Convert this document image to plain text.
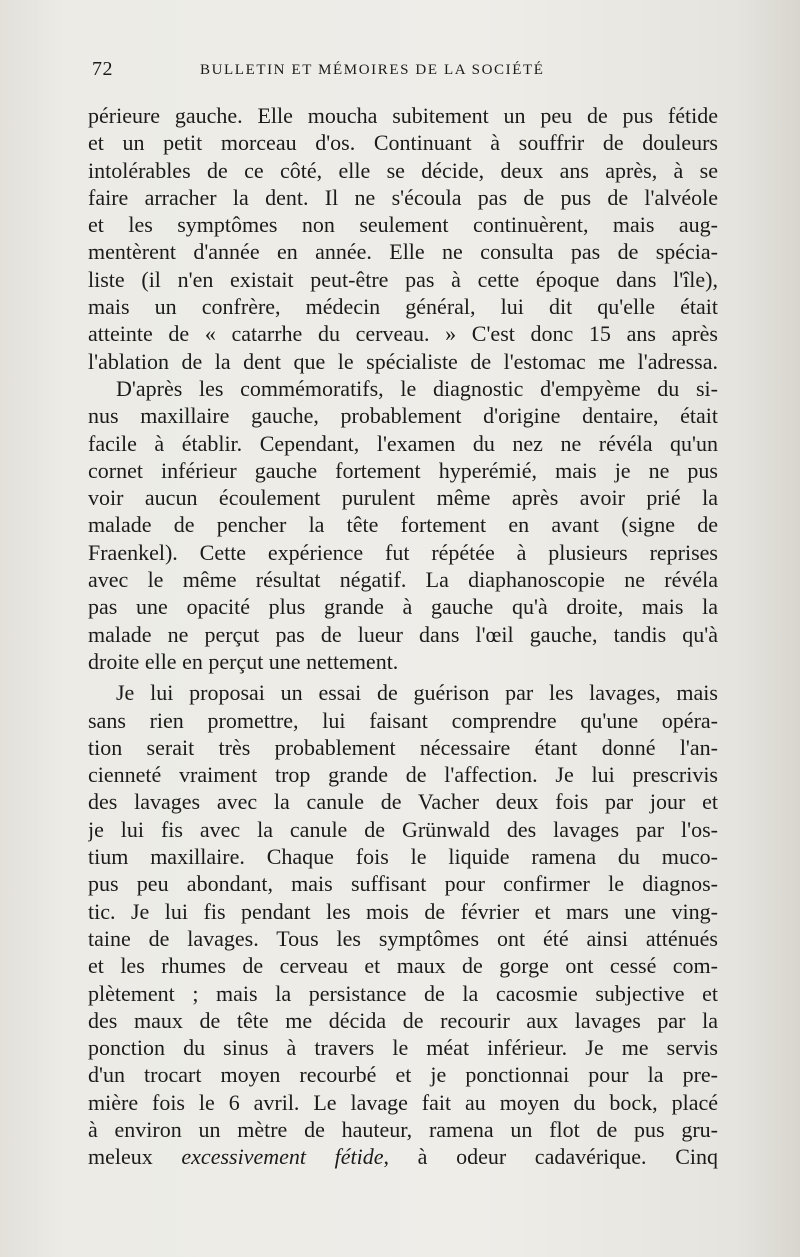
72	BULLETIN ET MÉMOIRES DE LA SOCIÉTÉ
périeure gauche. Elle moucha subitement un peu de pus fétide
et un petit morceau d'os. Continuant à souffrir de douleurs
intolérables de ce côté, elle se décide, deux ans après, à se
faire arracher la dent. Il ne s'écoula pas de pus de l'alvéole
et les symptômes non seulement continuèrent, mais aug-
mentèrent d'année en année. Elle ne consulta pas de spécia-
liste (il n'en existait peut-être pas à cette époque dans l'île),
mais un confrère, médecin général, lui dit qu'elle était
atteinte de « catarrhe du cerveau. » C'est donc 15 ans après
l'ablation de la dent que le spécialiste de l'estomac me l'adressa.
D'après les commémoratifs, le diagnostic d'empyème du si-
nus maxillaire gauche, probablement d'origine dentaire, était
facile à établir. Cependant, l'examen du nez ne révéla qu'un
cornet inférieur gauche fortement hyperémié, mais je ne pus
voir aucun écoulement purulent même après avoir prié la
malade de pencher la tête fortement en avant (signe de
Fraenkel). Cette expérience fut répétée à plusieurs reprises
avec le même résultat négatif. La diaphanoscopie ne révéla
pas une opacité plus grande à gauche qu'à droite, mais la
malade ne perçut pas de lueur dans l'œil gauche, tandis qu'à
droite elle en perçut une nettement.
Je lui proposai un essai de guérison par les lavages, mais
sans rien promettre, lui faisant comprendre qu'une opéra-
tion serait très probablement nécessaire étant donné l'an-
cienneté vraiment trop grande de l'affection. Je lui prescrivis
des lavages avec la canule de Vacher deux fois par jour et
je lui fis avec la canule de Grünwald des lavages par l'os-
tium maxillaire. Chaque fois le liquide ramena du muco-
pus peu abondant, mais suffisant pour confirmer le diagnos-
tic. Je lui fis pendant les mois de février et mars une ving-
taine de lavages. Tous les symptômes ont été ainsi atténués
et les rhumes de cerveau et maux de gorge ont cessé com-
plètement ; mais la persistance de la cacosmie subjective et
des maux de tête me décida de recourir aux lavages par la
ponction du sinus à travers le méat inférieur. Je me servis
d'un trocart moyen recourbé et je ponctionnai pour la pre-
mière fois le 6 avril. Le lavage fait au moyen du bock, placé
à environ un mètre de hauteur, ramena un flot de pus gru-
meleux excessivement fétide, à odeur cadavérique. Cinq
